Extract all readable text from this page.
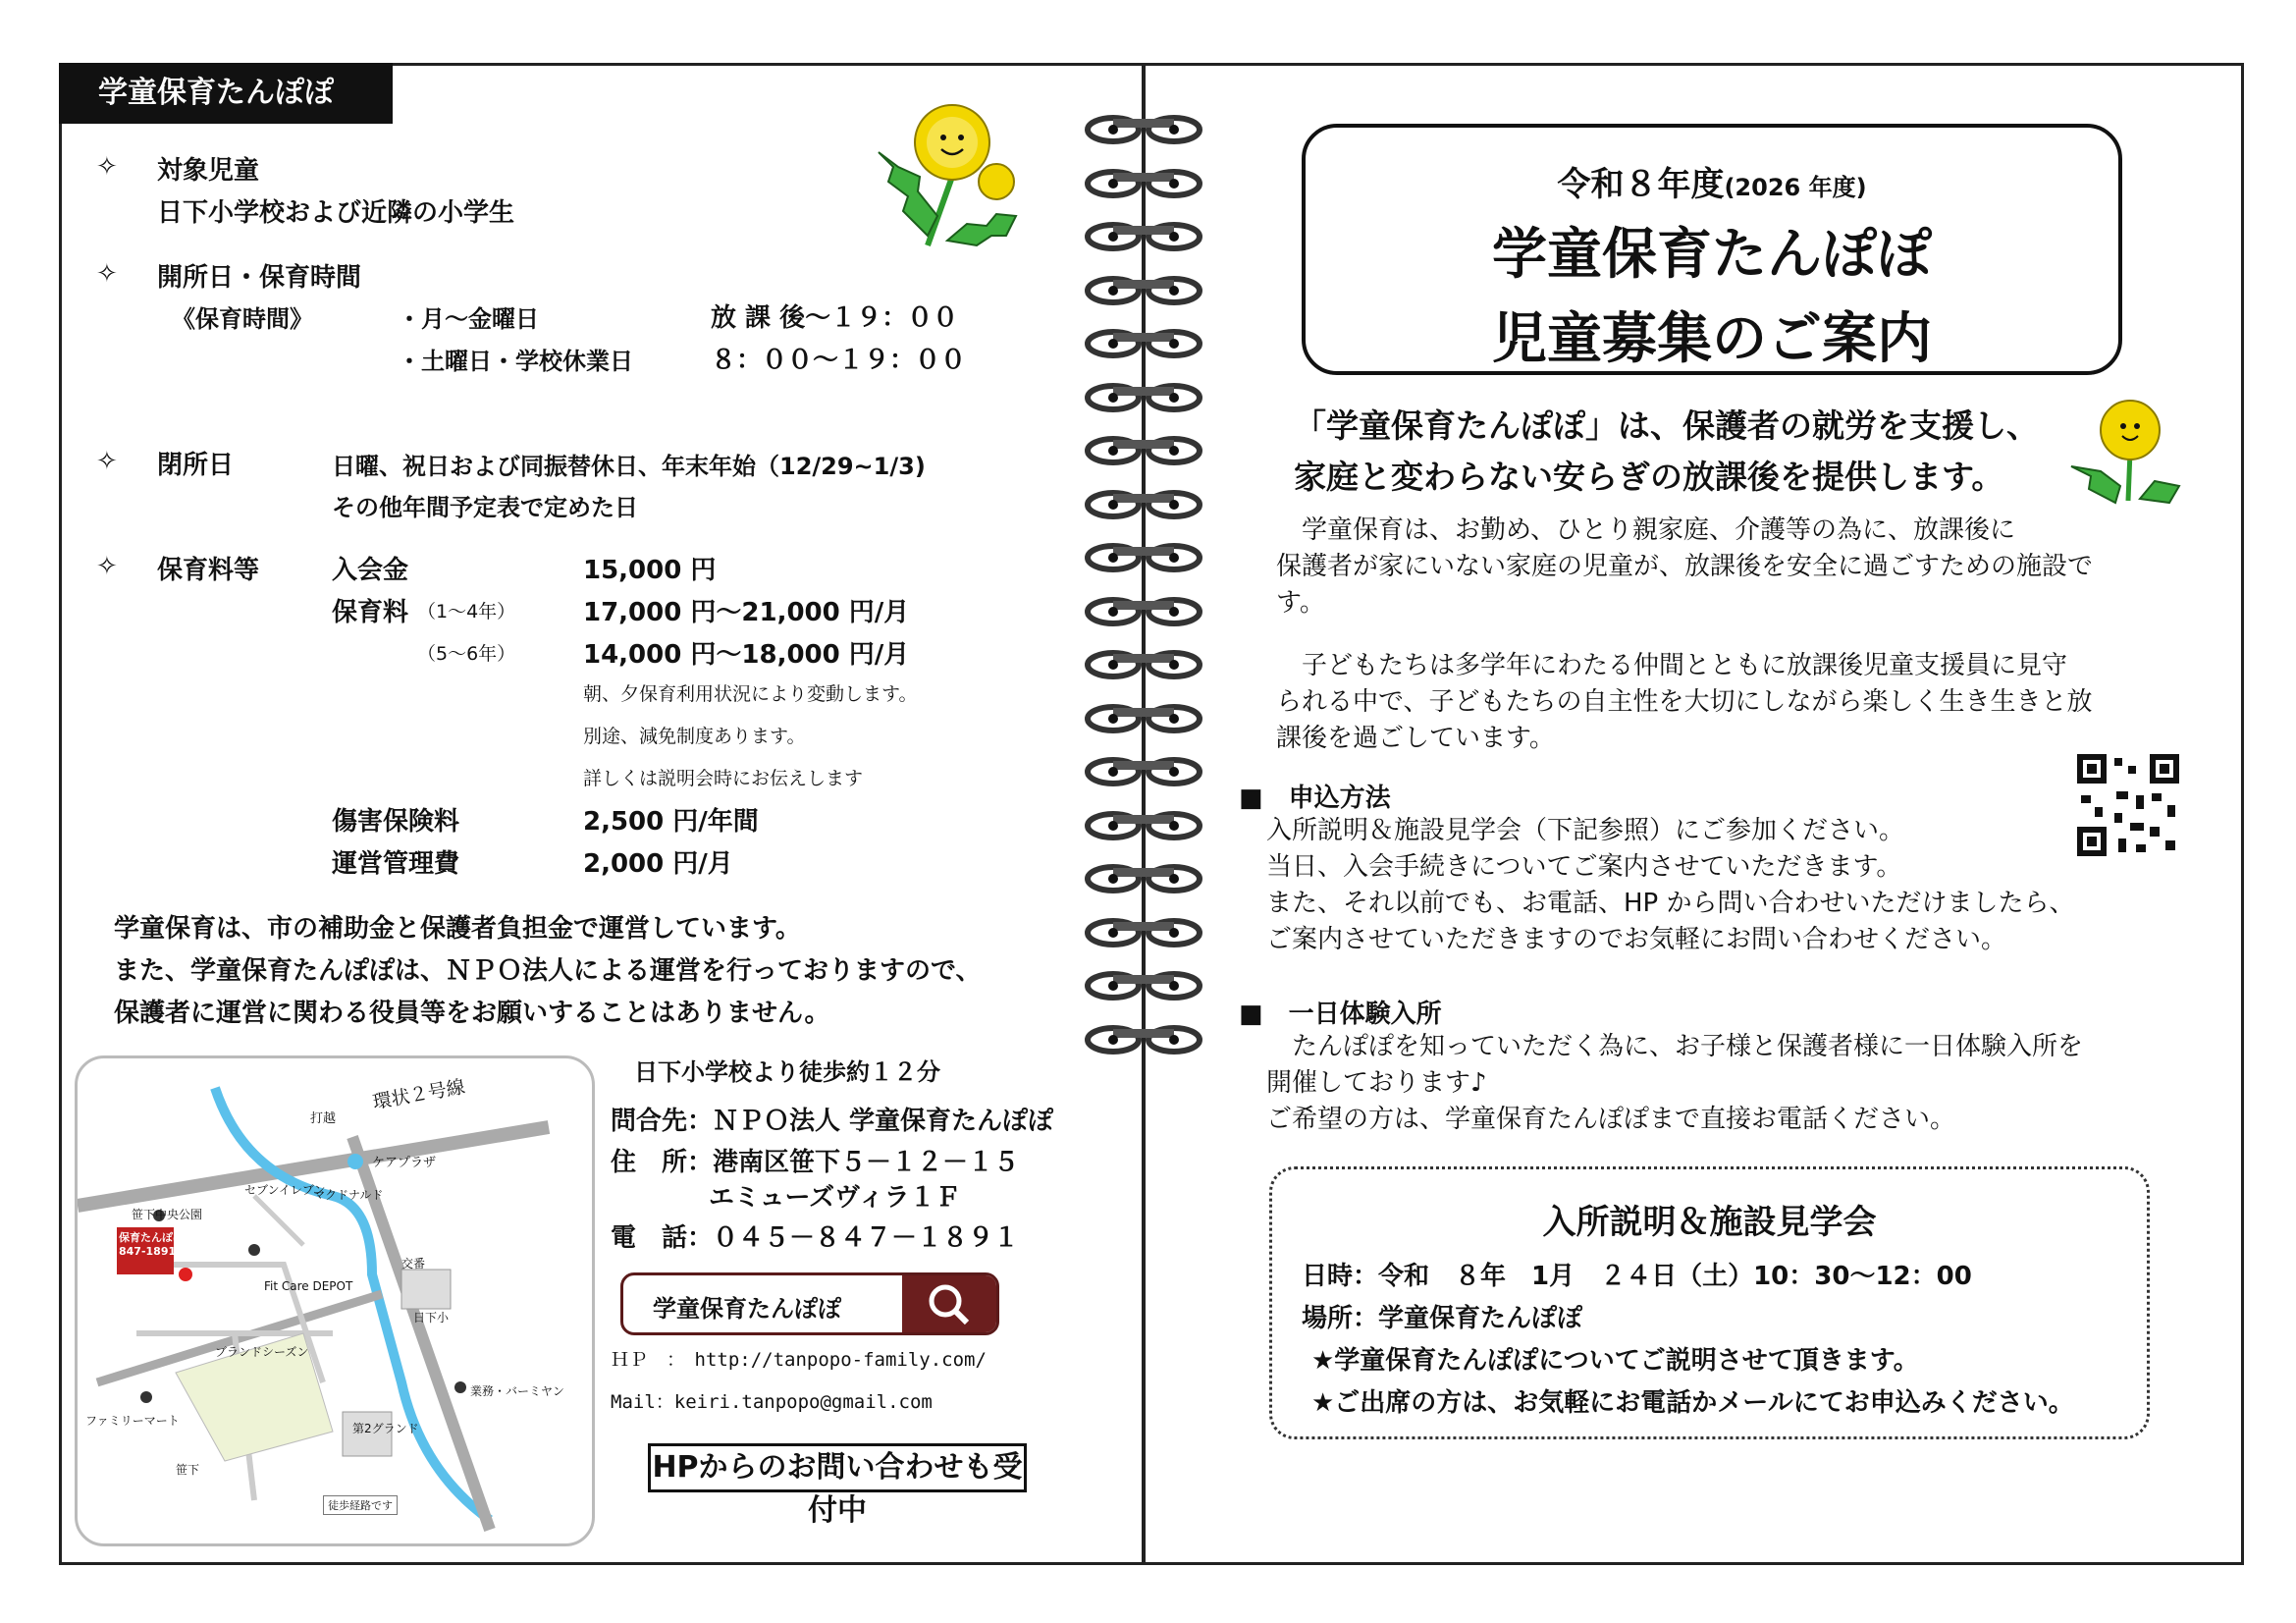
学童保育たんぽぽ
✧ 対象児童
日下小学校および近隣の小学生
✧ 開所日・保育時間
《保育時間》	・月～金曜日	放 課 後～１９：００
・土曜日・学校休業日	８：００～１９：００
✧ 閉所日	日曜、祝日および同振替休日、年末年始（12/29~1/3)
その他年間予定表で定めた日
✧ 保育料等	入会金	15,000 円
保育料 （1～4年）	17,000 円～21,000 円/月
（5～6年）	14,000 円～18,000 円/月
朝、夕保育利用状況により変動します。
別途、減免制度あります。
詳しくは説明会時にお伝えします
傷害保険料	2,500 円/年間
運営管理費	2,000 円/月
学童保育は、市の補助金と保護者負担金で運営しています。
また、学童保育たんぽぽは、ＮＰＯ法人による運営を行っておりますので、
保護者に運営に関わる役員等をお願いすることはありません。
環状２号線
保育たんぽぽ
847-1891
打越
ケアプラザ
セブンイレブン
マクドナルド
笹下中央公園
Fit Care DEPOT
交番
日下小
ブランドシーズン
ファミリーマート
業務・バーミヤン
第2グランド
笹下
徒歩経路です
日下小学校より徒歩約１２分
問合先：ＮＰＯ法人 学童保育たんぽぽ
住　所：港南区笹下５－１２－１５
エミューズヴィラ１Ｆ
電　話：０４５－８４７－１８９１
学童保育たんぽぽ
ＨＰ　：　http://tanpopo-family.com/
Mail：keiri.tanpopo@gmail.com
HPからのお問い合わせも受付中
令和８年度(2026 年度)
学童保育たんぽぽ
児童募集のご案内
「学童保育たんぽぽ」は、保護者の就労を支援し、
家庭と変わらない安らぎの放課後を提供します。
　学童保育は、お勤め、ひとり親家庭、介護等の為に、放課後に
保護者が家にいない家庭の児童が、放課後を安全に過ごすための施設で
す。
　子どもたちは多学年にわたる仲間とともに放課後児童支援員に見守
られる中で、子どもたちの自主性を大切にしながら楽しく生き生きと放
課後を過ごしています。
■　申込方法
入所説明＆施設見学会（下記参照）にご参加ください。
当日、入会手続きについてご案内させていただきます。
また、それ以前でも、お電話、HP から問い合わせいただけましたら、
ご案内させていただきますのでお気軽にお問い合わせください。
■　一日体験入所
　たんぽぽを知っていただく為に、お子様と保護者様に一日体験入所を
開催しております♪
ご希望の方は、学童保育たんぽぽまで直接お電話ください。
入所説明＆施設見学会
日時：令和　８年　1月　２４日（土）10：30～12：00
場所：学童保育たんぽぽ
★学童保育たんぽぽについてご説明させて頂きます。
★ご出席の方は、お気軽にお電話かメールにてお申込みください。
